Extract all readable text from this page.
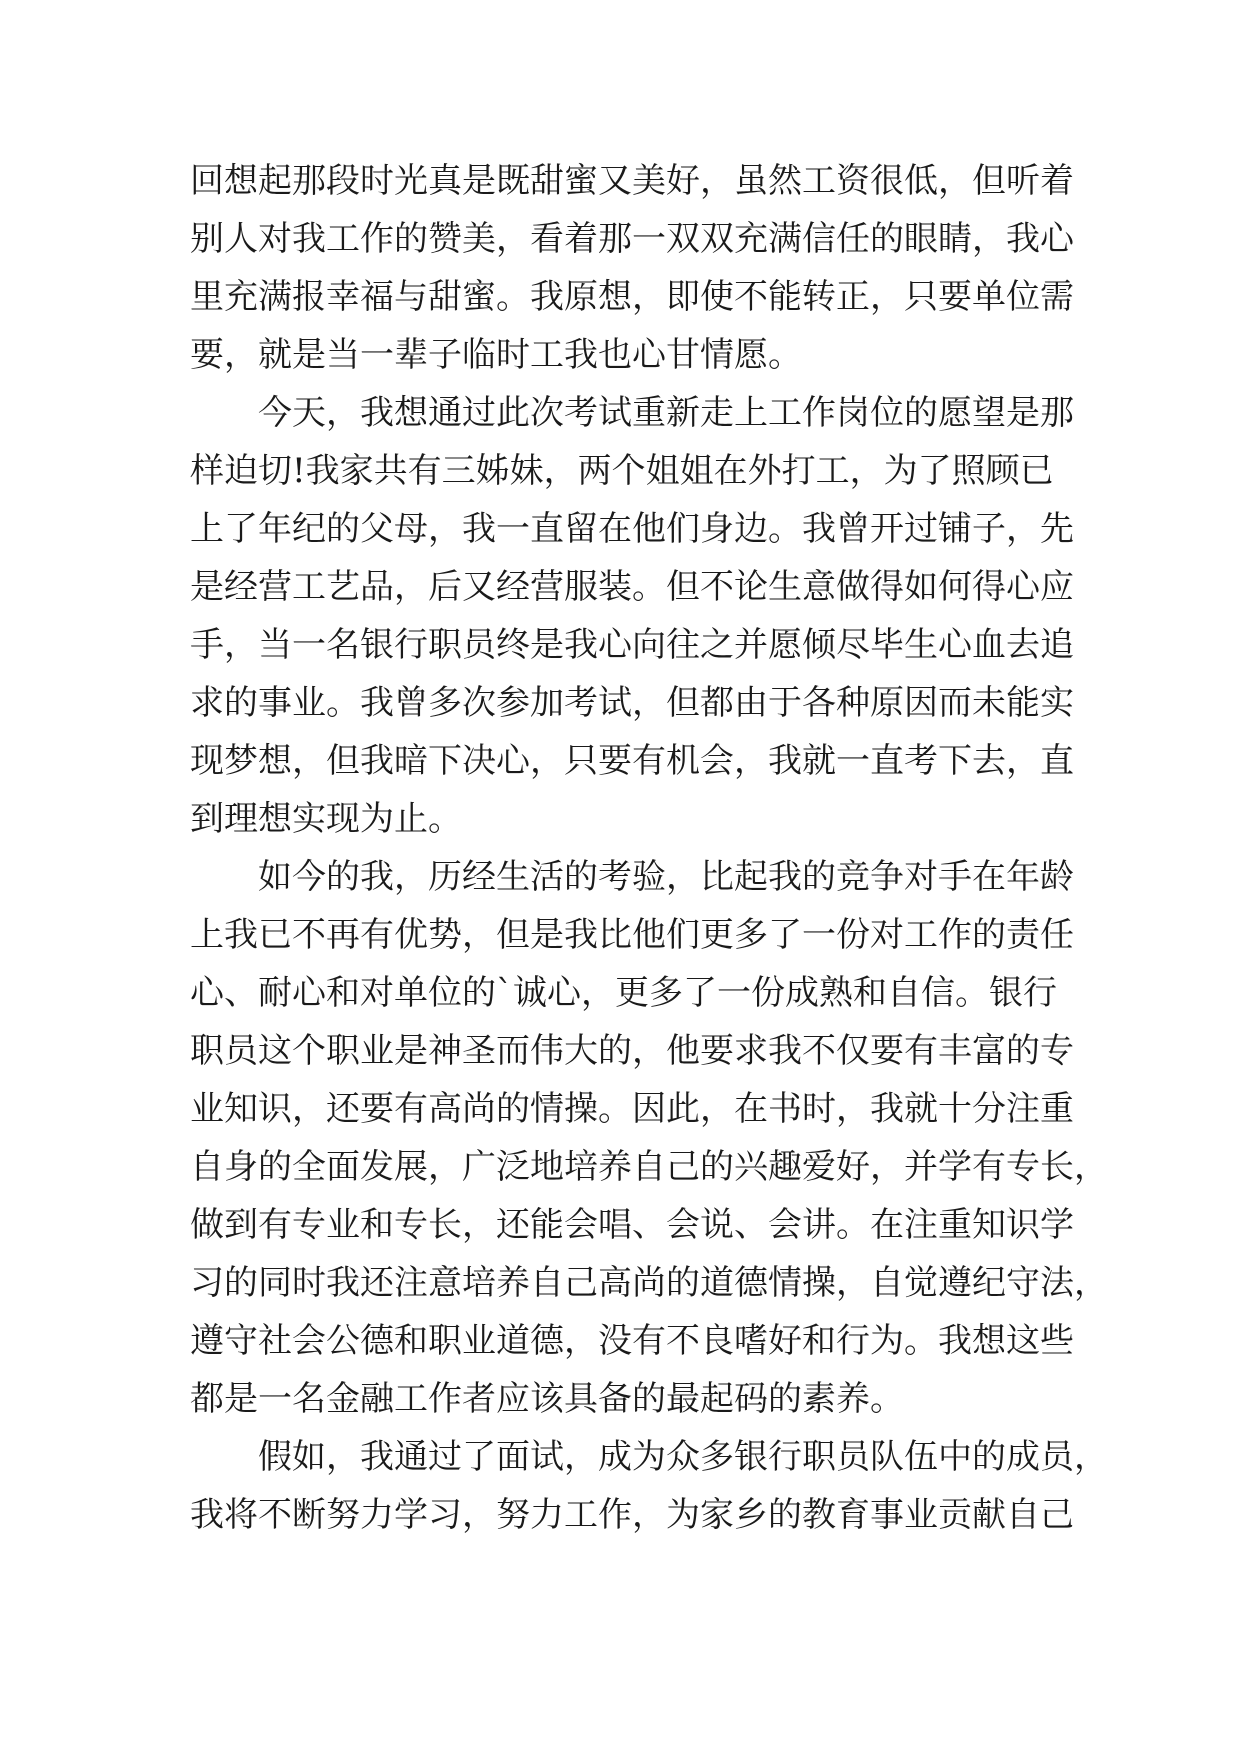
回想起那段时光真是既甜蜜又美好，虽然工资很低，但听着
别人对我工作的赞美，看着那一双双充满信任的眼睛，我心
里充满报幸福与甜蜜。我原想，即使不能转正，只要单位需
要，就是当一辈子临时工我也心甘情愿。
今天，我想通过此次考试重新走上工作岗位的愿望是那
样迫切!我家共有三姊妹，两个姐姐在外打工，为了照顾已
上了年纪的父母，我一直留在他们身边。我曾开过铺子，先
是经营工艺品，后又经营服装。但不论生意做得如何得心应
手，当一名银行职员终是我心向往之并愿倾尽毕生心血去追
求的事业。我曾多次参加考试，但都由于各种原因而未能实
现梦想，但我暗下决心，只要有机会，我就一直考下去，直
到理想实现为止。
如今的我，历经生活的考验，比起我的竞争对手在年龄
上我已不再有优势，但是我比他们更多了一份对工作的责任
心、耐心和对单位的`诚心，更多了一份成熟和自信。银行
职员这个职业是神圣而伟大的，他要求我不仅要有丰富的专
业知识，还要有高尚的情操。因此，在书时，我就十分注重
自身的全面发展，广泛地培养自己的兴趣爱好，并学有专长，
做到有专业和专长，还能会唱、会说、会讲。在注重知识学
习的同时我还注意培养自己高尚的道德情操，自觉遵纪守法，
遵守社会公德和职业道德，没有不良嗜好和行为。我想这些
都是一名金融工作者应该具备的最起码的素养。
假如，我通过了面试，成为众多银行职员队伍中的成员，
我将不断努力学习，努力工作，为家乡的教育事业贡献自己
